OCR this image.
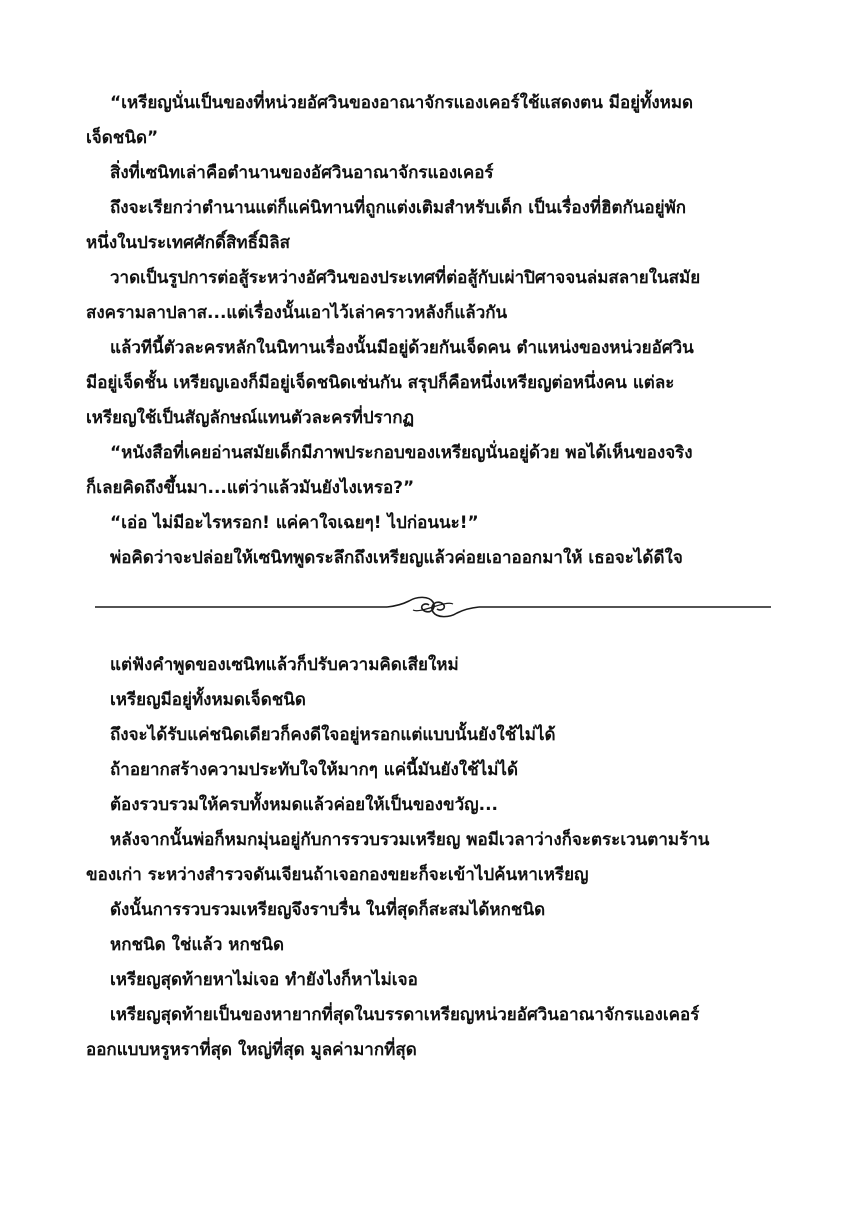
“เหรียญนั่นเป็นของที่หน่วยอัศวินของอาณาจักรแองเคอร์ใช้แสดงตน มีอยู่ทั้งหมด
เจ็ดชนิด”

สิ่งที่เซนิทเล่าคือตำนานของอัศวินอาณาจักรแองเคอร์

ถึงจะเรียกว่าตำนานแต่ก็แค่นิทานที่ถูกแต่งเติมสำหรับเด็ก เป็นเรื่องที่ฮิตกันอยู่พัก
หนึ่งในประเทศศักดิ์สิทธิ์มิลิส

วาดเป็นรูปการต่อสู้ระหว่างอัศวินของประเทศที่ต่อสู้กับเผ่าปิศาจจนล่มสลายในสมัย
สงครามลาปลาส...แต่เรื่องนั้นเอาไว้เล่าคราวหลังก็แล้วกัน

แล้วทีนี้ตัวละครหลักในนิทานเรื่องนั้นมีอยู่ด้วยกันเจ็ดคน ตำแหน่งของหน่วยอัศวิน
มีอยู่เจ็ดชั้น เหรียญเองก็มีอยู่เจ็ดชนิดเช่นกัน สรุปก็คือหนึ่งเหรียญต่อหนึ่งคน แต่ละ
เหรียญใช้เป็นสัญลักษณ์แทนตัวละครที่ปรากฏ

“หนังสือที่เคยอ่านสมัยเด็กมีภาพประกอบของเหรียญนั่นอยู่ด้วย พอได้เห็นของจริง
ก็เลยคิดถึงขึ้นมา...แต่ว่าแล้วมันยังไงเหรอ?”

“เอ่อ ไม่มีอะไรหรอก! แค่คาใจเฉยๆ! ไปก่อนนะ!”

พ่อคิดว่าจะปล่อยให้เซนิทพูดระลึกถึงเหรียญแล้วค่อยเอาออกมาให้ เธอจะได้ดีใจ

แต่ฟังคำพูดของเซนิทแล้วก็ปรับความคิดเสียใหม่

เหรียญมีอยู่ทั้งหมดเจ็ดชนิด

ถึงจะได้รับแค่ชนิดเดียวก็คงดีใจอยู่หรอกแต่แบบนั้นยังใช้ไม่ได้

ถ้าอยากสร้างความประทับใจให้มากๆ แค่นี้มันยังใช้ไม่ได้

ต้องรวบรวมให้ครบทั้งหมดแล้วค่อยให้เป็นของขวัญ...

หลังจากนั้นพ่อก็หมกมุ่นอยู่กับการรวบรวมเหรียญ พอมีเวลาว่างก็จะตระเวนตามร้าน
ของเก่า ระหว่างสำรวจดันเจียนถ้าเจอกองขยะก็จะเข้าไปค้นหาเหรียญ

ดังนั้นการรวบรวมเหรียญจึงราบรื่น ในที่สุดก็สะสมได้หกชนิด

หกชนิด ใช่แล้ว หกชนิด

เหรียญสุดท้ายหาไม่เจอ ทำยังไงก็หาไม่เจอ

เหรียญสุดท้ายเป็นของหายากที่สุดในบรรดาเหรียญหน่วยอัศวินอาณาจักรแองเคอร์
ออกแบบหรูหราที่สุด ใหญ่ที่สุด มูลค่ามากที่สุด
